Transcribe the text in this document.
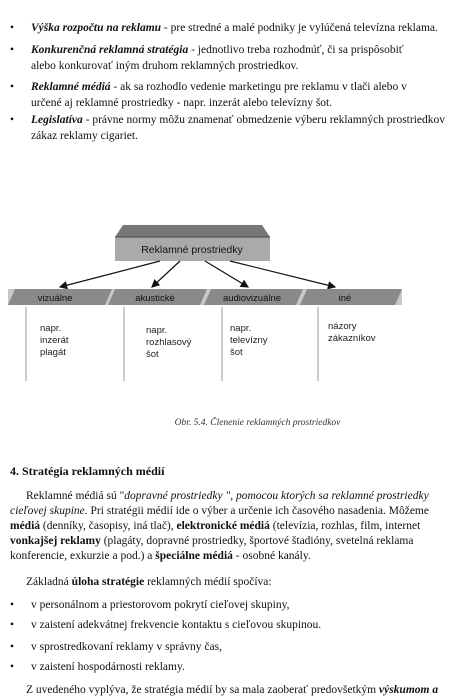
• Výška rozpočtu na reklamu - pre stredné a malé podniky je vylúčená televízna reklama.
• Konkurenčná reklamná stratégia - jednotlivo treba rozhodnúť, či sa prispôsobiť
alebo konkurovať iným druhom reklamných prostriedkov.
• Reklamné médiá - ak sa rozhodlo vedenie marketingu pre reklamu v tlači alebo v
určené aj reklamné prostriedky - napr. inzerát alebo televízny šot.
• Legislatíva - právne normy môžu znamenať obmedzenie výberu reklamných prostriedkov
zákaz reklamy cigariet.
Reklamné prostriedky
vizuálne	akustické	audiovizuálne	iné
napr.
inzerát
plagát
napr.
rozhlasový
šot
napr.
televízny
šot
názory
zákazníkov
Obr. 5.4. Členenie reklamných prostriedkov
4. Stratégia reklamných médií
Reklamné médiá sú "dopravné prostriedky ", pomocou ktorých sa reklamné prostriedky
cieľovej skupine. Pri stratégii médií ide o výber a určenie ich časového nasadenia. Môžeme
médiá (denníky, časopisy, iná tlač), elektronické médiá (televízia, rozhlas, film, internet
vonkajšej reklamy (plagáty, dopravné prostriedky, športové štadióny, svetelná reklama
konferencie, exkurzie a pod.) a špeciálne médiá - osobné kanály.
Základná úloha stratégie reklamných médií spočíva:
• v personálnom a priestorovom pokrytí cieľovej skupiny,
• v zaistení adekvátnej frekvencie kontaktu s cieľovou skupinou.
• v sprostredkovaní reklamy v správny čas,
• v zaistení hospodárnosti reklamy.
Z uvedeného vyplýva, že stratégia médií by sa mala zaoberať predovšetkým výskumom a
